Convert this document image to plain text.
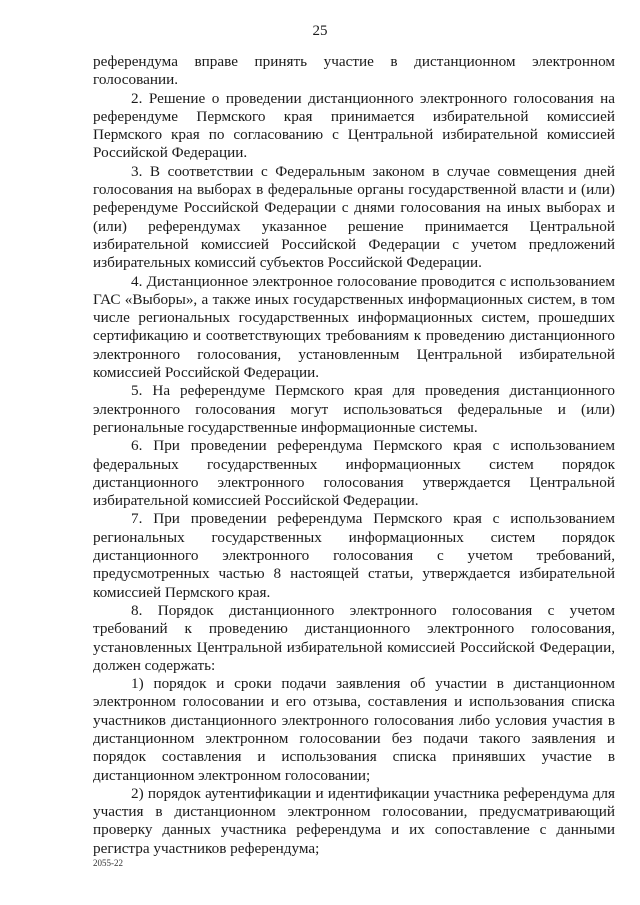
25

референдума вправе принять участие в дистанционном электронном голосовании.

2. Решение о проведении дистанционного электронного голосования на референдуме Пермского края принимается избирательной комиссией Пермского края по согласованию с Центральной избирательной комиссией Российской Федерации.

3. В соответствии с Федеральным законом в случае совмещения дней голосования на выборах в федеральные органы государственной власти и (или) референдуме Российской Федерации с днями голосования на иных выборах и (или) референдумах указанное решение принимается Центральной избирательной комиссией Российской Федерации с учетом предложений избирательных комиссий субъектов Российской Федерации.

4. Дистанционное электронное голосование проводится с использованием ГАС «Выборы», а также иных государственных информационных систем, в том числе региональных государственных информационных систем, прошедших сертификацию и соответствующих требованиям к проведению дистанционного электронного голосования, установленным Центральной избирательной комиссией Российской Федерации.

5. На референдуме Пермского края для проведения дистанционного электронного голосования могут использоваться федеральные и (или) региональные государственные информационные системы.

6. При проведении референдума Пермского края с использованием федеральных государственных информационных систем порядок дистанционного электронного голосования утверждается Центральной избирательной комиссией Российской Федерации.

7. При проведении референдума Пермского края с использованием региональных государственных информационных систем порядок дистанционного электронного голосования с учетом требований, предусмотренных частью 8 настоящей статьи, утверждается избирательной комиссией Пермского края.

8. Порядок дистанционного электронного голосования с учетом требований к проведению дистанционного электронного голосования, установленных Центральной избирательной комиссией Российской Федерации, должен содержать:

1) порядок и сроки подачи заявления об участии в дистанционном электронном голосовании и его отзыва, составления и использования списка участников дистанционного электронного голосования либо условия участия в дистанционном электронном голосовании без подачи такого заявления и порядок составления и использования списка принявших участие в дистанционном электронном голосовании;

2) порядок аутентификации и идентификации участника референдума для участия в дистанционном электронном голосовании, предусматривающий проверку данных участника референдума и их сопоставление с данными регистра участников референдума;

2055-22
